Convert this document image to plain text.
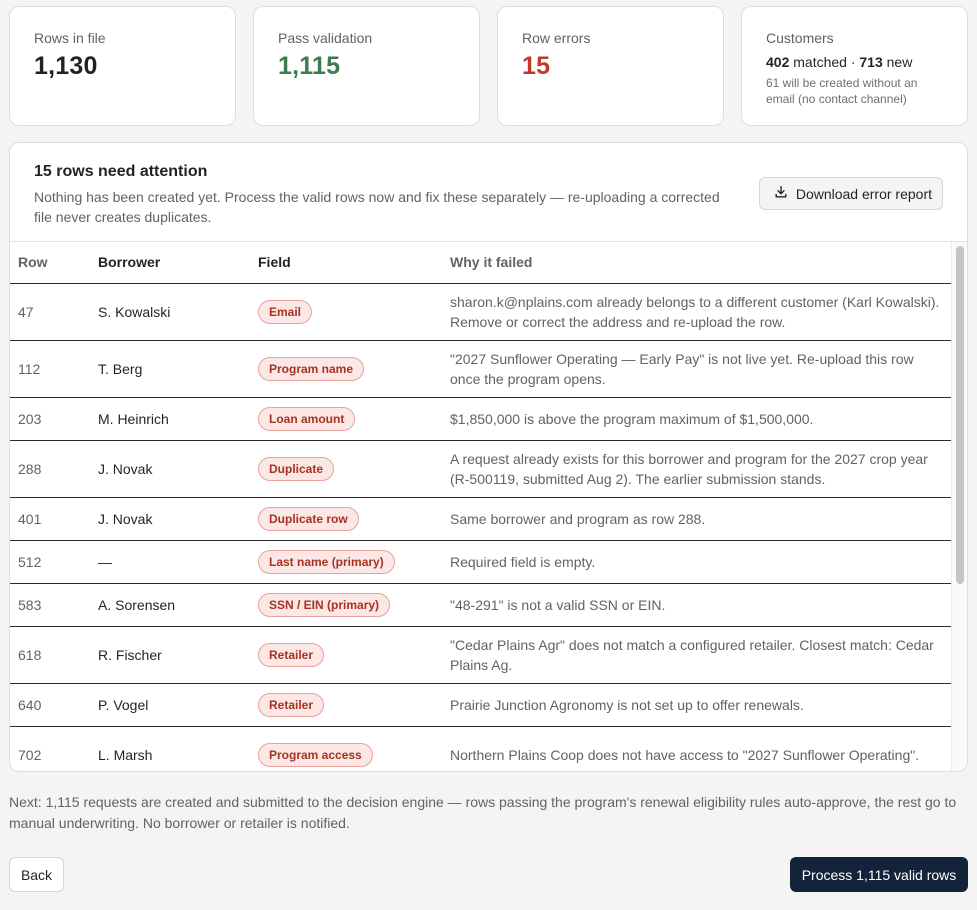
Rows in file
1,130
Pass validation
1,115
Row errors
15
Customers
402 matched · 713 new
61 will be created without an email (no contact channel)
15 rows need attention
Nothing has been created yet. Process the valid rows now and fix these separately — re-uploading a corrected file never creates duplicates.
Download error report
Row	Borrower	Field	Why it failed
47	S. Kowalski	Email	sharon.k@nplains.com already belongs to a different customer (Karl Kowalski). Remove or correct the address and re-upload the row.
112	T. Berg	Program name	"2027 Sunflower Operating — Early Pay" is not live yet. Re-upload this row once the program opens.
203	M. Heinrich	Loan amount	$1,850,000 is above the program maximum of $1,500,000.
288	J. Novak	Duplicate	A request already exists for this borrower and program for the 2027 crop year (R-500119, submitted Aug 2). The earlier submission stands.
401	J. Novak	Duplicate row	Same borrower and program as row 288.
512	—	Last name (primary)	Required field is empty.
583	A. Sorensen	SSN / EIN (primary)	"48-291" is not a valid SSN or EIN.
618	R. Fischer	Retailer	"Cedar Plains Agr" does not match a configured retailer. Closest match: Cedar Plains Ag.
640	P. Vogel	Retailer	Prairie Junction Agronomy is not set up to offer renewals.
702	L. Marsh	Program access	Northern Plains Coop does not have access to "2027 Sunflower Operating".
Next: 1,115 requests are created and submitted to the decision engine — rows passing the program's renewal eligibility rules auto-approve, the rest go to manual underwriting. No borrower or retailer is notified.
Back	Process 1,115 valid rows
